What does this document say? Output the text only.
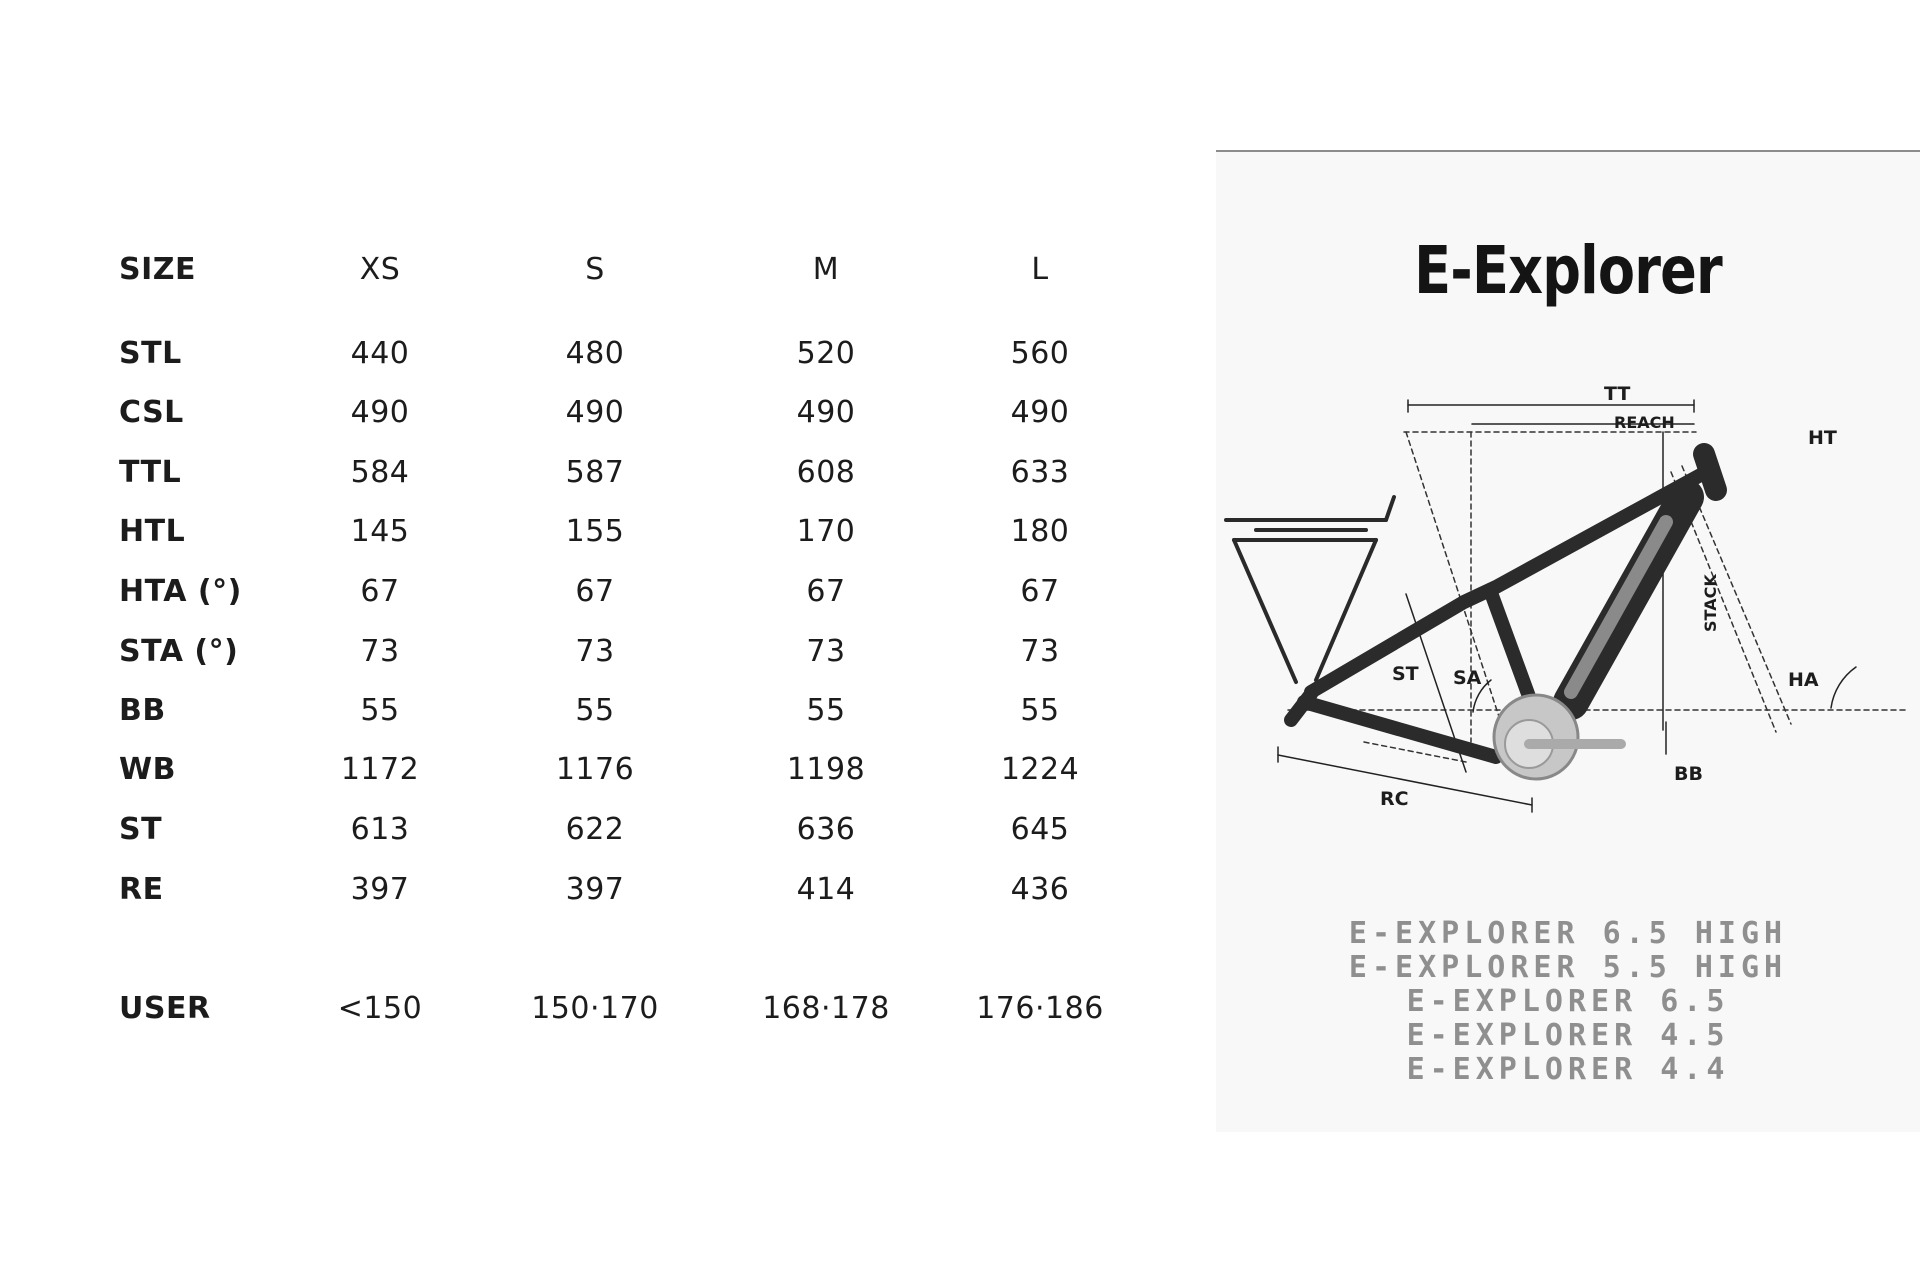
SIZE	XS	S	M	L
STL	440	480	520	560
CSL	490	490	490	490
TTL	584	587	608	633
HTL	145	155	170	180
HTA (°)	67	67	67	67
STA (°)	73	73	73	73
BB	55	55	55	55
WB	1172	1176	1198	1224
ST	613	622	636	645
RE	397	397	414	436
USER	<150	150·170	168·178	176·186
E-Explorer
TT
REACH
HT
STACK
ST SA	HA
BB
RC
E-EXPLORER 6.5 HIGH
E-EXPLORER 5.5 HIGH
E-EXPLORER 6.5
E-EXPLORER 4.5
E-EXPLORER 4.4
